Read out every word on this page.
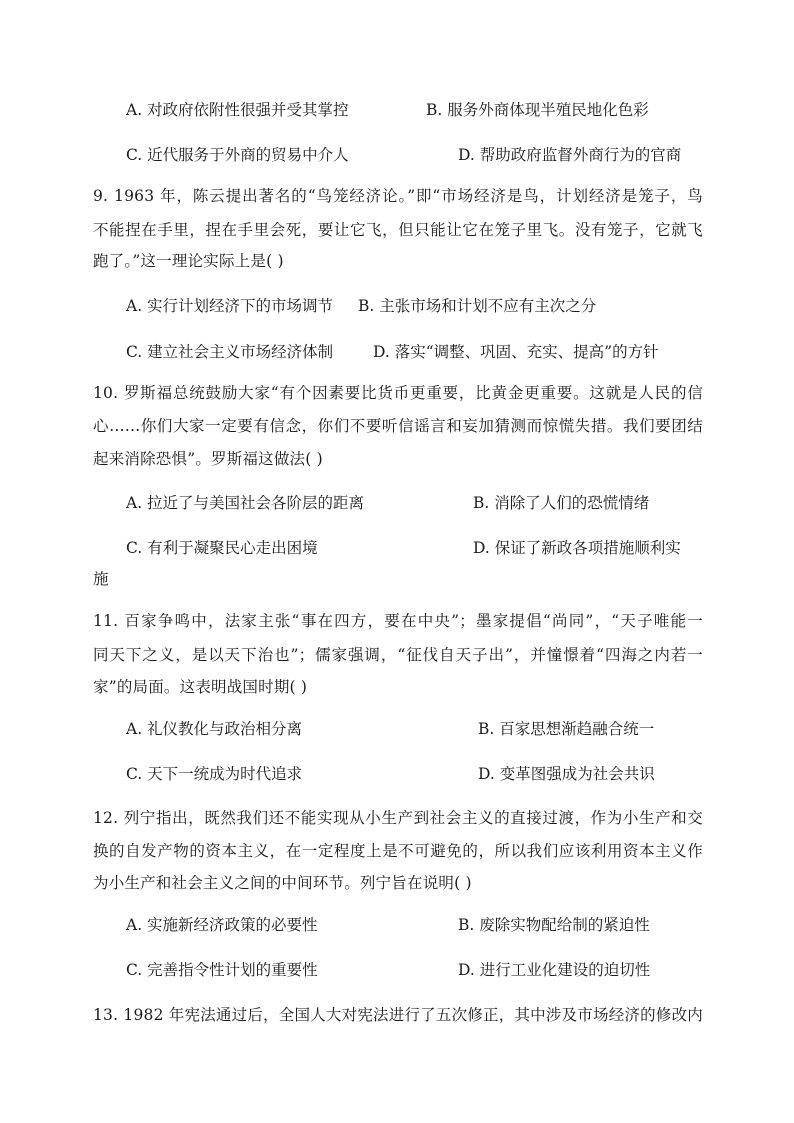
A. 对政府依附性很强并受其掌控	B. 服务外商体现半殖民地化色彩

C. 近代服务于外商的贸易中介人	D. 帮助政府监督外商行为的官商

9. 1963 年，陈云提出著名的“鸟笼经济论。”即“市场经济是鸟，计划经济是笼子，鸟

不能捏在手里，捏在手里会死，要让它飞，但只能让它在笼子里飞。没有笼子，它就飞

跑了。”这一理论实际上是( )

A. 实行计划经济下的市场调节 B. 主张市场和计划不应有主次之分

C. 建立社会主义市场经济体制	D. 落实“调整、巩固、充实、提高”的方针

10. 罗斯福总统鼓励大家“有个因素要比货币更重要，比黄金更重要。这就是人民的信

心……你们大家一定要有信念，你们不要听信谣言和妄加猜测而惊慌失措。我们要团结

起来消除恐惧”。罗斯福这做法( )

A. 拉近了与美国社会各阶层的距离	B. 消除了人们的恐慌情绪

C. 有利于凝聚民心走出困境	D. 保证了新政各项措施顺利实

施

11. 百家争鸣中，法家主张“事在四方，要在中央”；墨家提倡“尚同”，“天子唯能一

同天下之义，是以天下治也”；儒家强调，“征伐自天子出”，并憧憬着“四海之内若一

家”的局面。这表明战国时期( )

A. 礼仪教化与政治相分离	B. 百家思想渐趋融合统一

C. 天下一统成为时代追求	D. 变革图强成为社会共识

12. 列宁指出，既然我们还不能实现从小生产到社会主义的直接过渡，作为小生产和交

换的自发产物的资本主义，在一定程度上是不可避免的，所以我们应该利用资本主义作

为小生产和社会主义之间的中间环节。列宁旨在说明( )

A. 实施新经济政策的必要性	B. 废除实物配给制的紧迫性

C. 完善指令性计划的重要性	D. 进行工业化建设的迫切性

13. 1982 年宪法通过后，全国人大对宪法进行了五次修正，其中涉及市场经济的修改内
